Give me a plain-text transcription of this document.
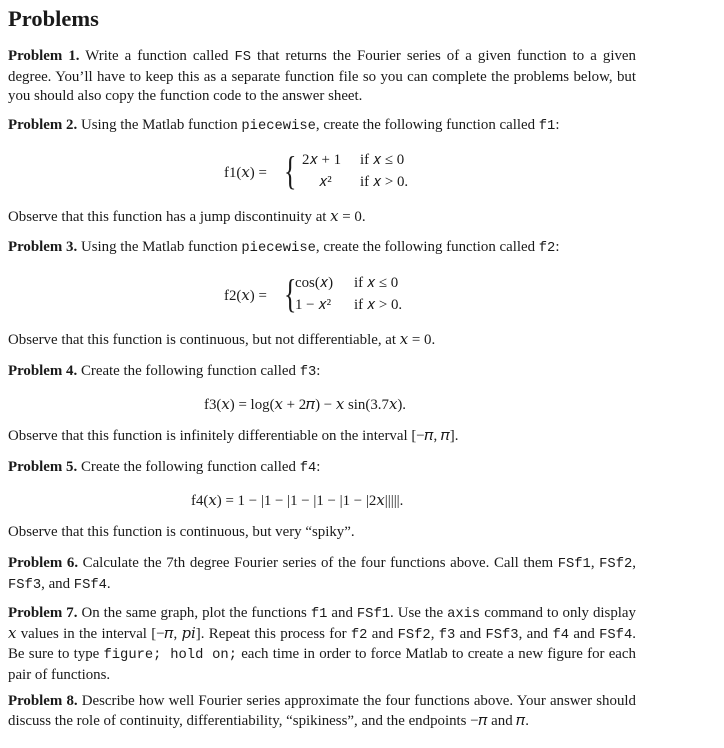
Problems

Problem 1. Write a function called FS that returns the Fourier series of a given function to a given degree. You’ll have to keep this as a separate function file so you can complete the problems below, but you should also copy the function code to the answer sheet.

Problem 2. Using the Matlab function piecewise, create the following function called f1:

f1(𝑥) = { 2𝑥 + 1 if 𝑥 ≤ 0
𝑥² if 𝑥 > 0.

Observe that this function has a jump discontinuity at 𝑥 = 0.

Problem 3. Using the Matlab function piecewise, create the following function called f2:

f2(𝑥) = {
cos(𝑥) if 𝑥 ≤ 0
1 − 𝑥² if 𝑥 > 0.

Observe that this function is continuous, but not differentiable, at 𝑥 = 0.

Problem 4. Create the following function called f3:

f3(𝑥) = log(𝑥 + 2𝜋) − 𝑥 sin(3.7𝑥).

Observe that this function is infinitely differentiable on the interval [−𝜋, 𝜋].

Problem 5. Create the following function called f4:

f4(𝑥) = 1 − |1 − |1 − |1 − |1 − |2𝑥|||||.

Observe that this function is continuous, but very “spiky”.

Problem 6. Calculate the 7th degree Fourier series of the four functions above. Call them FSf1, FSf2, FSf3, and FSf4.

Problem 7. On the same graph, plot the functions f1 and FSf1. Use the axis command to only display 𝑥 values in the interval [−𝜋, 𝑝𝑖]. Repeat this process for f2 and FSf2, f3 and FSf3, and f4 and FSf4. Be sure to type figure; hold on; each time in order to force Matlab to create a new figure for each pair of functions.

Problem 8. Describe how well Fourier series approximate the four functions above. Your answer should discuss the role of continuity, differentiability, “spikiness”, and the endpoints −𝜋 and 𝜋.
